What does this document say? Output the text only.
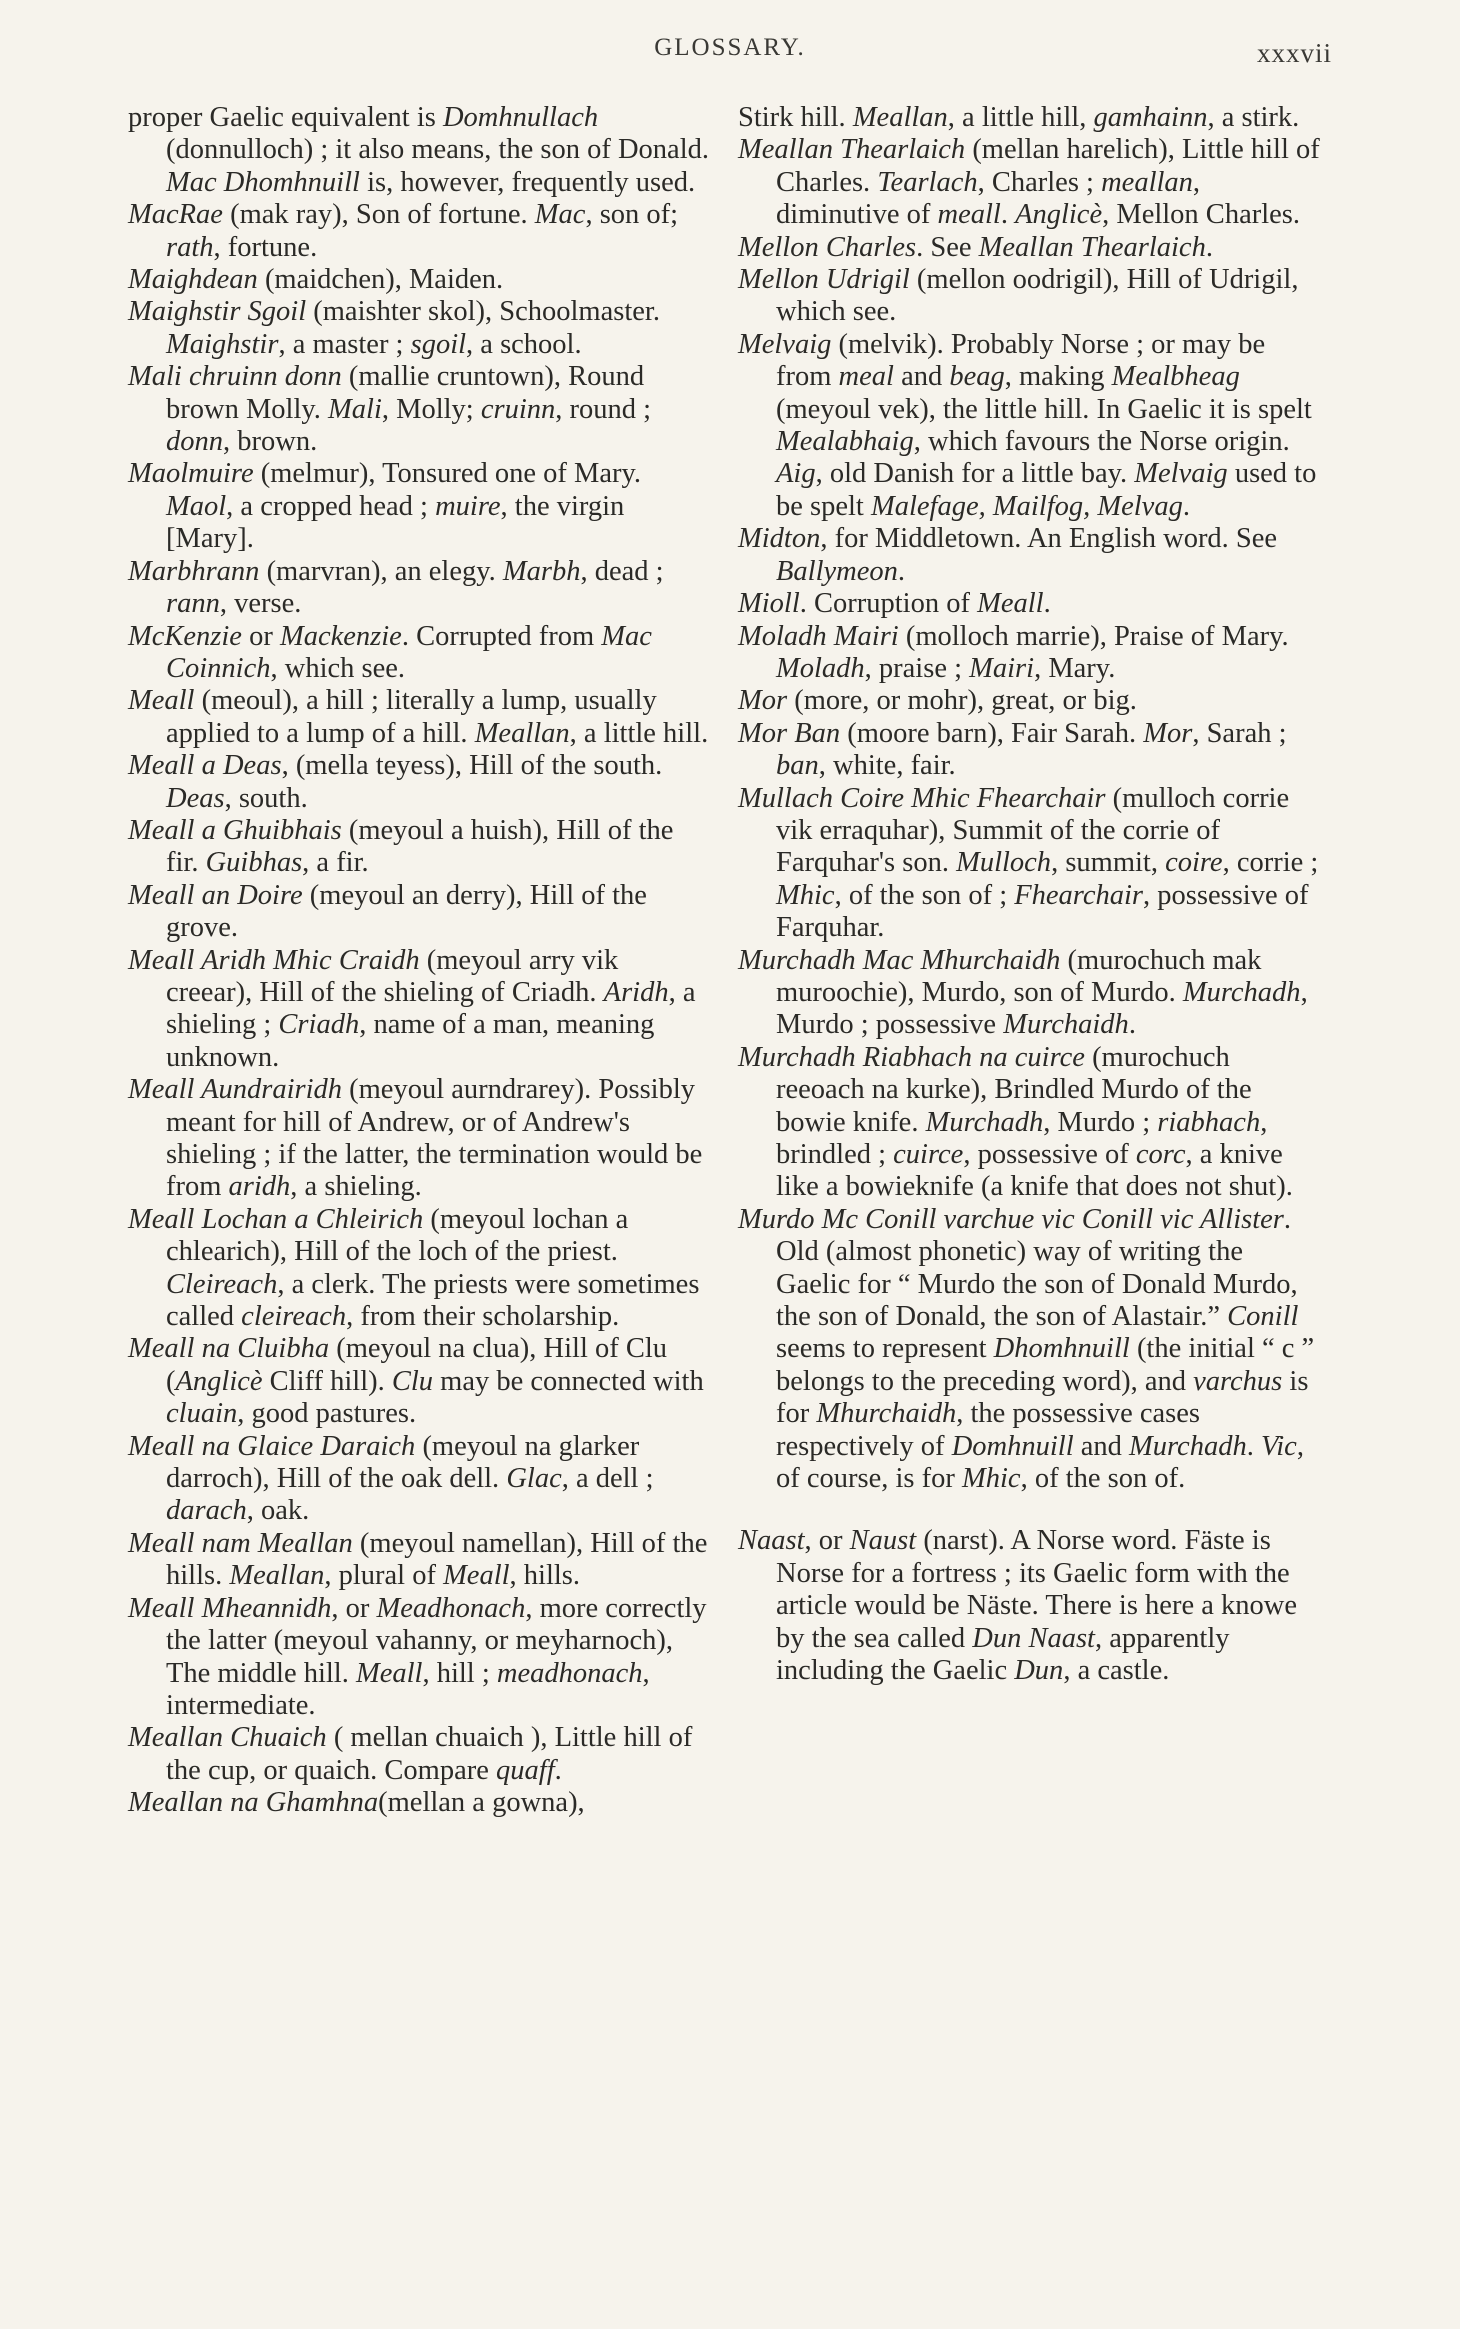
GLOSSARY.	xxxvii

proper Gaelic equivalent is Domhnullach (donnulloch) ; it also means, the son of Donald. Mac Dhomhnuill is, however, frequently used.

MacRae (mak ray), Son of fortune. Mac, son of; rath, fortune.

Maighdean (maidchen), Maiden.

Maighstir Sgoil (maishter skol), Schoolmaster. Maighstir, a master ; sgoil, a school.

Mali chruinn donn (mallie cruntown), Round brown Molly. Mali, Molly; cruinn, round ; donn, brown.

Maolmuire (melmur), Tonsured one of Mary. Maol, a cropped head ; muire, the virgin [Mary].

Marbhrann (marvran), an elegy. Marbh, dead ; rann, verse.

McKenzie or Mackenzie. Corrupted from Mac Coinnich, which see.

Meall (meoul), a hill ; literally a lump, usually applied to a lump of a hill. Meallan, a little hill.

Meall a Deas, (mella teyess), Hill of the south. Deas, south.

Meall a Ghuibhais (meyoul a huish), Hill of the fir. Guibhas, a fir.

Meall an Doire (meyoul an derry), Hill of the grove.

Meall Aridh Mhic Craidh (meyoul arry vik creear), Hill of the shieling of Criadh. Aridh, a shieling ; Criadh, name of a man, meaning unknown.

Meall Aundrairidh (meyoul aurndrarey). Possibly meant for hill of Andrew, or of Andrew's shieling ; if the latter, the termination would be from aridh, a shieling.

Meall Lochan a Chleirich (meyoul lochan a chlearich), Hill of the loch of the priest. Cleireach, a clerk. The priests were sometimes called cleireach, from their scholarship.

Meall na Cluibha (meyoul na clua), Hill of Clu (Anglicè Cliff hill). Clu may be connected with cluain, good pastures.

Meall na Glaice Daraich (meyoul na glarker darroch), Hill of the oak dell. Glac, a dell ; darach, oak.

Meall nam Meallan (meyoul namellan), Hill of the hills. Meallan, plural of Meall, hills.

Meall Mheannidh, or Meadhonach, more correctly the latter (meyoul vahanny, or meyharnoch), The middle hill. Meall, hill ; meadhonach, intermediate.

Meallan Chuaich ( mellan chuaich ), Little hill of the cup, or quaich. Compare quaff.

Meallan na Ghamhna(mellan a gowna),

Stirk hill. Meallan, a little hill, gamhainn, a stirk.

Meallan Thearlaich (mellan harelich), Little hill of Charles. Tearlach, Charles ; meallan, diminutive of meall. Anglicè, Mellon Charles.

Mellon Charles. See Meallan Thearlaich.

Mellon Udrigil (mellon oodrigil), Hill of Udrigil, which see.

Melvaig (melvik). Probably Norse ; or may be from meal and beag, making Mealbheag (meyoul vek), the little hill. In Gaelic it is spelt Mealabhaig, which favours the Norse origin. Aig, old Danish for a little bay. Melvaig used to be spelt Malefage, Mailfog, Melvag.

Midton, for Middletown. An English word. See Ballymeon.

Mioll. Corruption of Meall.

Moladh Mairi (molloch marrie), Praise of Mary. Moladh, praise ; Mairi, Mary.

Mor (more, or mohr), great, or big.

Mor Ban (moore barn), Fair Sarah. Mor, Sarah ; ban, white, fair.

Mullach Coire Mhic Fhearchair (mulloch corrie vik erraquhar), Summit of the corrie of Farquhar's son. Mulloch, summit, coire, corrie ; Mhic, of the son of ; Fhearchair, possessive of Farquhar.

Murchadh Mac Mhurchaidh (murochuch mak muroochie), Murdo, son of Murdo. Murchadh, Murdo ; possessive Murchaidh.

Murchadh Riabhach na cuirce (murochuch reeoach na kurke), Brindled Murdo of the bowie knife. Murchadh, Murdo ; riabhach, brindled ; cuirce, possessive of corc, a knive like a bowieknife (a knife that does not shut).

Murdo Mc Conill varchue vic Conill vic Allister. Old (almost phonetic) way of writing the Gaelic for “ Murdo the son of Donald Murdo, the son of Donald, the son of Alastair.” Conill seems to represent Dhomhnuill (the initial “ c ” belongs to the preceding word), and varchus is for Mhurchaidh, the possessive cases respectively of Domhnuill and Murchadh. Vic, of course, is for Mhic, of the son of.

Naast, or Naust (narst). A Norse word. Fäste is Norse for a fortress ; its Gaelic form with the article would be Näste. There is here a knowe by the sea called Dun Naast, apparently including the Gaelic Dun, a castle.
